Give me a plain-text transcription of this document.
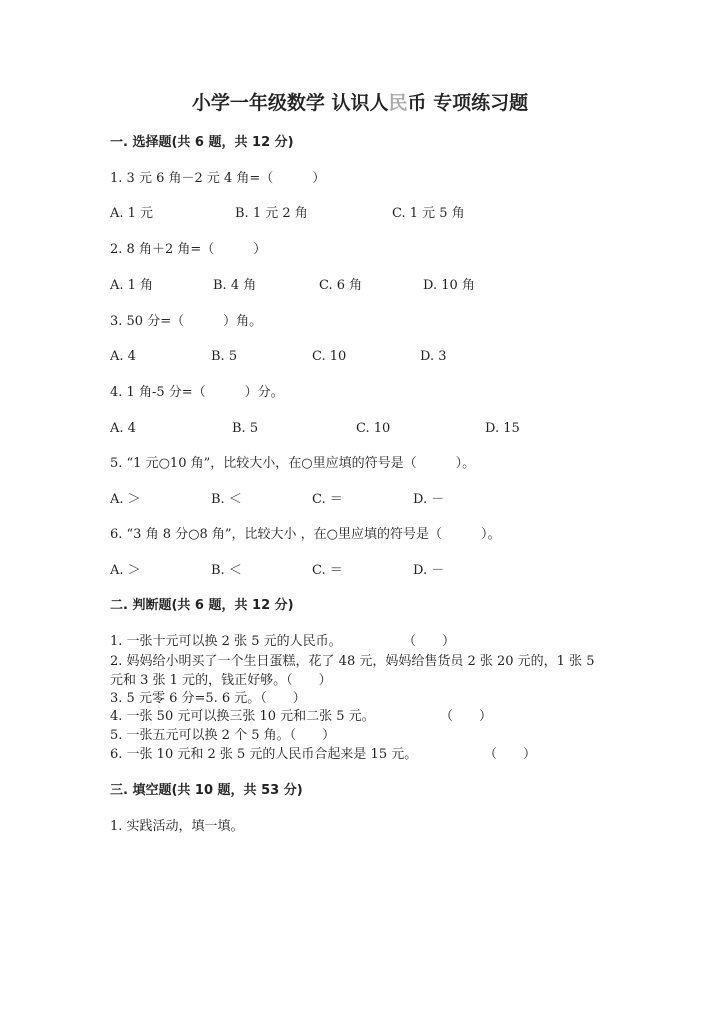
小学一年级数学 认识人民币 专项练习题
一. 选择题(共 6 题，共 12 分)
1. 3 元 6 角－2 元 4 角=（　　　）
A. 1 元	B. 1 元 2 角	C. 1 元 5 角
2. 8 角＋2 角=（　　　）
A. 1 角	B. 4 角	C. 6 角	D. 10 角
3. 50 分=（　　　）角。
A. 4	B. 5	C. 10	D. 3
4. 1 角-5 分=（　　　）分。
A. 4	B. 5	C. 10	D. 15
5. “1 元○10 角”，比较大小，在○里应填的符号是（　　　）。
A. ＞	B. ＜	C. ＝	D. －
6. “3 角 8 分○8 角”，比较大小 ，在○里应填的符号是（　　　）。
A. ＞	B. ＜	C. ＝	D. －
二. 判断题(共 6 题，共 12 分)
1. 一张十元可以换 2 张 5 元的人民币。	（　　）
2. 妈妈给小明买了一个生日蛋糕，花了 48 元，妈妈给售货员 2 张 20 元的，1 张 5 元和 3 张 1 元的，钱正好够。（　　）
3. 5 元零 6 分=5. 6 元。（　　）
4. 一张 50 元可以换三张 10 元和二张 5 元。	（　　）
5. 一张五元可以换 2 个 5 角。（　　）
6. 一张 10 元和 2 张 5 元的人民币合起来是 15 元。	（　　）
三. 填空题(共 10 题，共 53 分)
1. 实践活动，填一填。
